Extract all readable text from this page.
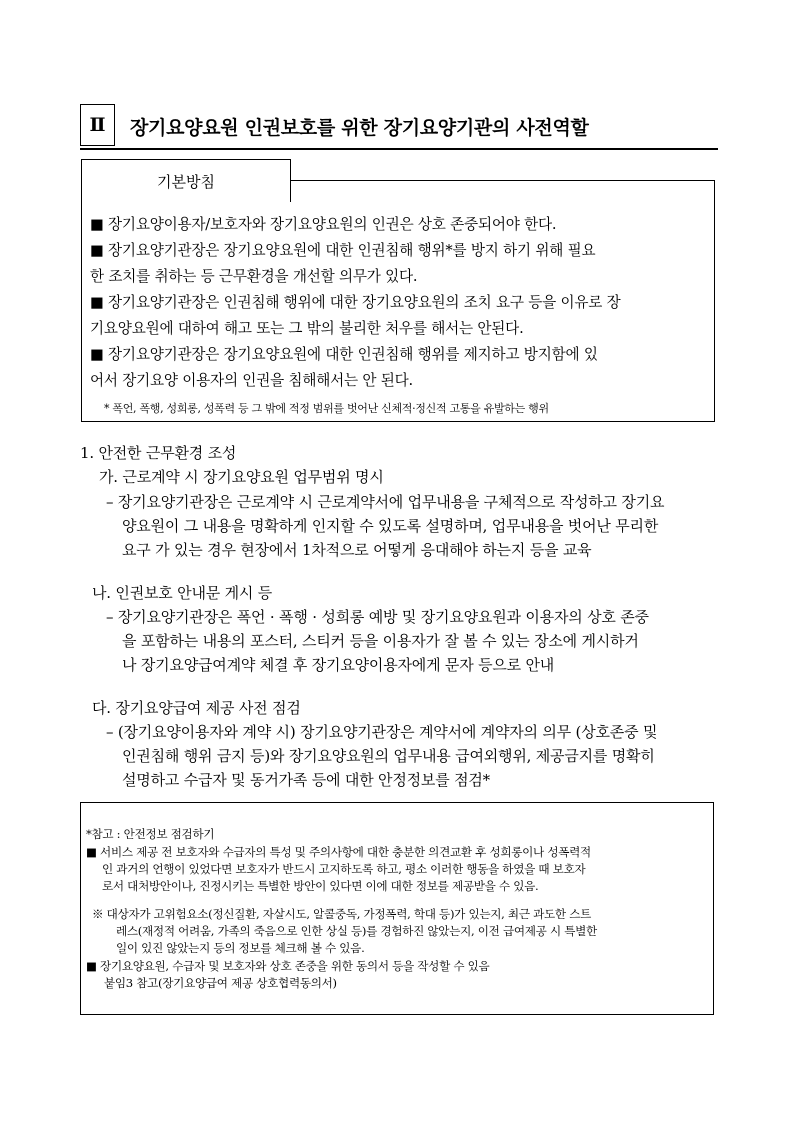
Ⅱ	장기요양요원 인권보호를 위한 장기요양기관의 사전역할
기본방침
■ 장기요양이용자/보호자와 장기요양요원의 인권은 상호 존중되어야 한다.
■ 장기요양기관장은 장기요양요원에 대한 인권침해 행위*를 방지 하기 위해 필요
한 조치를 취하는 등 근무환경을 개선할 의무가 있다.
■ 장기요양기관장은 인권침해 행위에 대한 장기요양요원의 조치 요구 등을 이유로 장
기요양요원에 대하여 해고 또는 그 밖의 불리한 처우를 해서는 안된다.
■ 장기요양기관장은 장기요양요원에 대한 인권침해 행위를 제지하고 방지함에 있
어서 장기요양 이용자의 인권을 침해해서는 안 된다.
* 폭언, 폭행, 성희롱, 성폭력 등 그 밖에 적정 범위를 벗어난 신체적·정신적 고통을 유발하는 행위
1. 안전한 근무환경 조성
가. 근로계약 시 장기요양요원 업무범위 명시
– 장기요양기관장은 근로계약 시 근로계약서에 업무내용을 구체적으로 작성하고 장기요
양요원이 그 내용을 명확하게 인지할 수 있도록 설명하며, 업무내용을 벗어난 무리한
요구 가 있는 경우 현장에서 1차적으로 어떻게 응대해야 하는지 등을 교육
나. 인권보호 안내문 게시 등
– 장기요양기관장은 폭언 · 폭행 · 성희롱 예방 및 장기요양요원과 이용자의 상호 존중
을 포함하는 내용의 포스터, 스티커 등을 이용자가 잘 볼 수 있는 장소에 게시하거
나 장기요양급여계약 체결 후 장기요양이용자에게 문자 등으로 안내
다. 장기요양급여 제공 사전 점검
– (장기요양이용자와 계약 시) 장기요양기관장은 계약서에 계약자의 의무 (상호존중 및
인권침해 행위 금지 등)와 장기요양요원의 업무내용 급여외행위, 제공금지를 명확히
설명하고 수급자 및 동거가족 등에 대한 안정정보를 점검*
*참고 : 안전정보 점검하기
■ 서비스 제공 전 보호자와 수급자의 특성 및 주의사항에 대한 충분한 의견교환 후 성희롱이나 성폭력적
인 과거의 언행이 있었다면 보호자가 반드시 고지하도록 하고, 평소 이러한 행동을 하였을 때 보호자
로서 대처방안이나, 진정시키는 특별한 방안이 있다면 이에 대한 정보를 제공받을 수 있음.
※ 대상자가 고위험요소(정신질환, 자살시도, 알콜중독, 가정폭력, 학대 등)가 있는지, 최근 과도한 스트
레스(재정적 어려움, 가족의 죽음으로 인한 상실 등)를 경험하진 않았는지, 이전 급여제공 시 특별한
일이 있진 않았는지 등의 정보를 체크해 볼 수 있음.
■ 장기요양요원, 수급자 및 보호자와 상호 존중을 위한 동의서 등을 작성할 수 있음
붙임3 참고(장기요양급여 제공 상호협력동의서)
